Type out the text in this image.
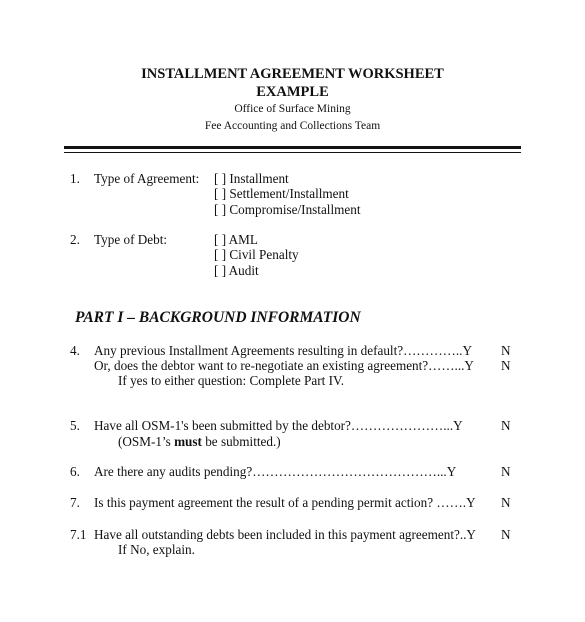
INSTALLMENT AGREEMENT WORKSHEET
EXAMPLE
Office of Surface Mining
Fee Accounting and Collections Team
1. Type of Agreement: [ ] Installment
[ ] Settlement/Installment
[ ] Compromise/Installment
2. Type of Debt:	[ ] AML
[ ] Civil Penalty
[ ] Audit
PART I – BACKGROUND INFORMATION
4. Any previous Installment Agreements resulting in default?…………..Y N
Or, does the debtor want to re-negotiate an existing agreement?……...Y N
If yes to either question: Complete Part IV.
5. Have all OSM-1's been submitted by the debtor?…………………...Y	N
(OSM-1’s must be submitted.)
6. Are there any audits pending?……………………………………...Y	N
7. Is this payment agreement the result of a pending permit action? …….Y N
7.1 Have all outstanding debts been included in this payment agreement?..Y N
If No, explain.
